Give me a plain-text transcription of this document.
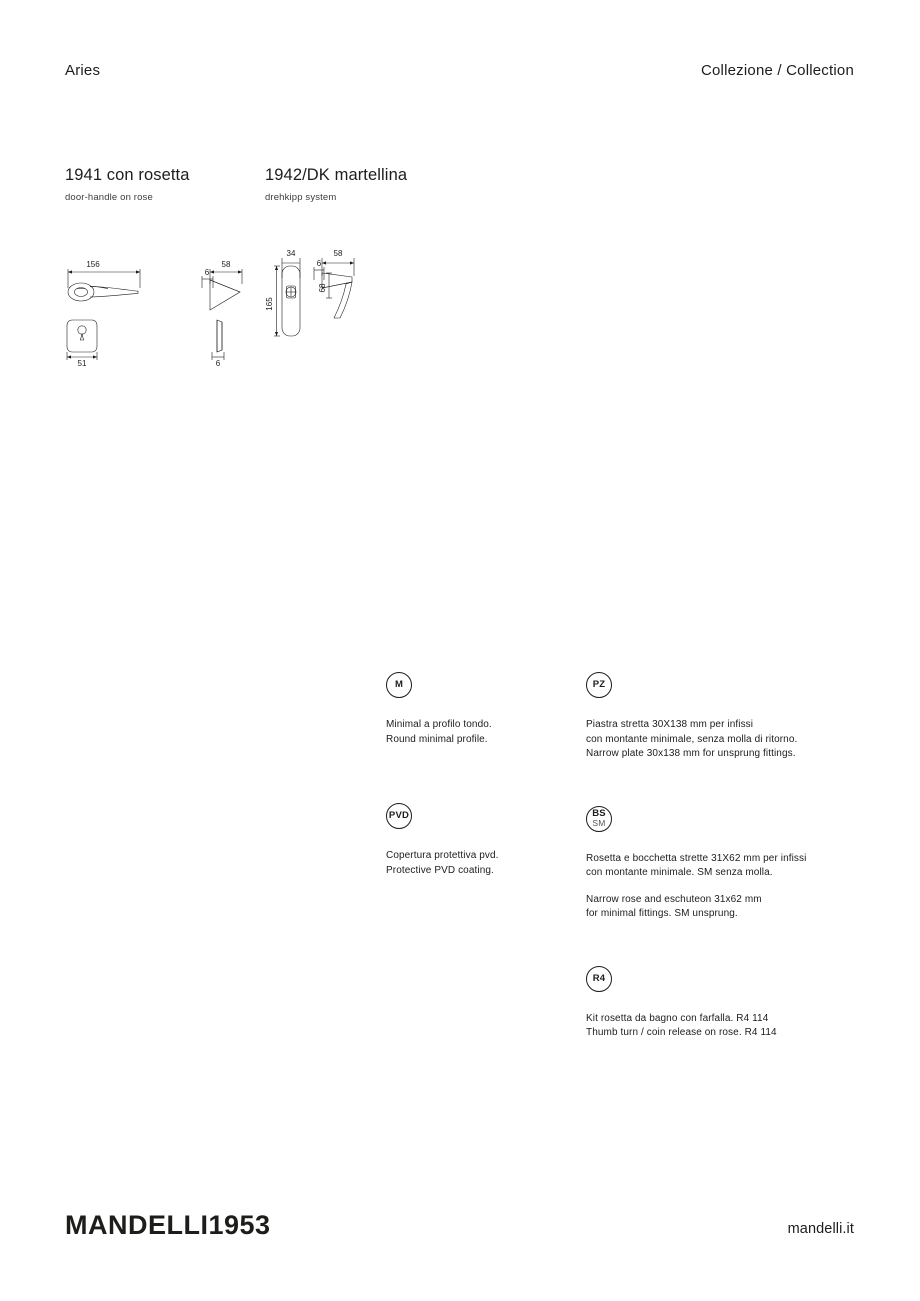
Aries	Collezione / Collection
1941 con rosetta
door-handle on rose
156	58
6
51	6
1942/DK martellina
drehkipp system
34	58
6
165
68
M
Minimal a profilo tondo.
Round minimal profile.
PVD
Copertura protettiva pvd.
Protective PVD coating.
PZ
Piastra stretta 30X138 mm per infissi
con montante minimale, senza molla di ritorno.
Narrow plate 30x138 mm for unsprung fittings.
BS
SM
Rosetta e bocchetta strette 31X62 mm per infissi
con montante minimale. SM senza molla.
Narrow rose and eschuteon 31x62 mm
for minimal fittings. SM unsprung.
R4
Kit rosetta da bagno con farfalla. R4 114
Thumb turn / coin release on rose. R4 114
MANDELLI1953	mandelli.it
